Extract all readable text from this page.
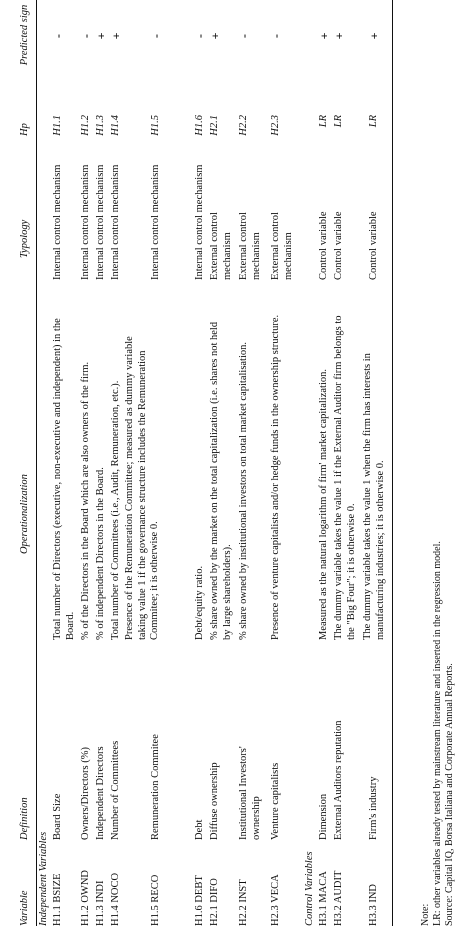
Variable
Definition
Operationalization
Typology
Hp
Predicted sign
Independent Variables H1.1 BSIZE
Board Size
Total number of Directors (executive, non-executive and independent) in the Board.
Internal control mechanism
H1.1
-
H1.2 OWND
Owners/Directors (%)
% of the Directors in the Board which are also owners of the firm.
Internal control mechanism
H1.2
-
H1.3 INDI
Independent Directors
% of independent Directors in the Board.
Internal control mechanism
H1.3
+
H1.4 NOCO
Number of Committees
Total number of Committees (i.e., Audit, Remuneration, etc.).
Internal control mechanism
H1.4
+
H1.5 RECO
Remuneration Commitee
Presence of the Remuneration Committee; measured as dummy variable taking value 1 if the governance structure includes the Remuneration Commitee; it is otherwise 0.
Internal control mechanism
H1.5
-
H1.6 DEBT
Debt
Debt/equity ratio.
Internal control mechanism
H1.6
-
H2.1 DIFO
Diffuse ownership
% share owned by the market on the total capitalization (i.e. shares not held by large shareholders).
External control mechanism
H2.1
+
H2.2 INST
Institutional Investors' ownership
% share owned by institutional investors on total market capitalisation.
External control mechanism
H2.2
-
H2.3 VECA
Venture capitalists
Presence of venture capitalists and/or hedge funds in the ownership structure.
External control mechanism
H2.3
-
Control Variables H3.1 MACA
Dimension
Measured as the natural logarithm of firm' market capitalization.
Control variable
LR
+
H3.2 AUDIT
External Auditors reputation
The dummy variable takes the value 1 if the External Auditor firm belongs to the "Big Four"; it is otherwise 0.
Control variable
LR
+
H3.3 IND
Firm's industry
The dummy variable takes the value 1 when the firm has interests in manufacturing industries; it is otherwise 0.
Control variable
LR
+
Note: LR: other variables already tested by mainstream literature and inserted in the regression model. Source: Capital IQ, Borsa Italiana and Corporate Annual Reports.
